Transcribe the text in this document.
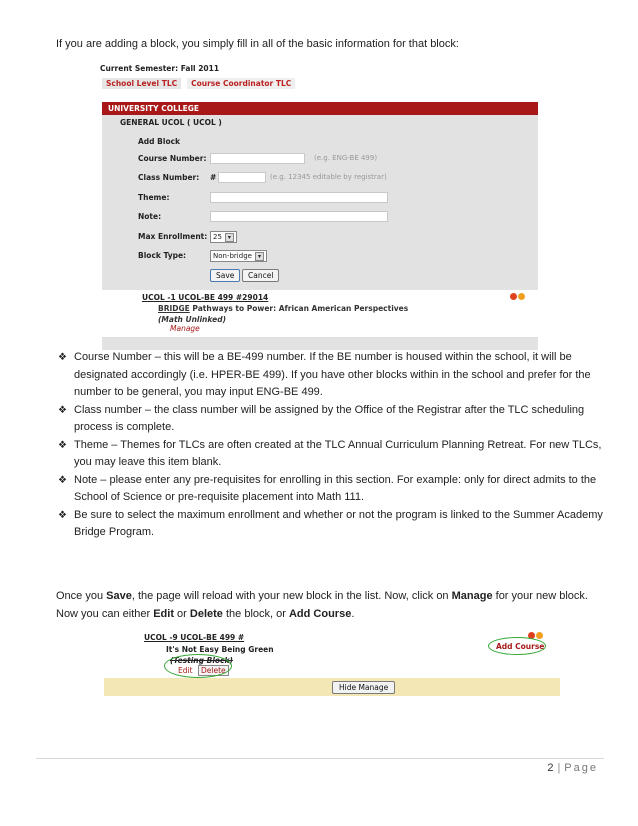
If you are adding a block, you simply fill in all of the basic information for that block:
Current Semester: Fall 2011
School Level TLC	Course Coordinator TLC
UNIVERSITY COLLEGE
GENERAL UCOL ( UCOL )
Add Block
Course Number:	(e.g. ENG-BE 499)
Class Number: #	(e.g. 12345 editable by registrar)
Theme:
Note:
Max Enrollment: 25 ▾
Block Type:	Non-bridge ▾
Save	Cancel
UCOL -1 UCOL-BE 499 #29014
BRIDGE Pathways to Power: African American Perspectives
(Math Unlinked)
Manage
❖ Course Number – this will be a BE-499 number. If the BE number is housed within the school, it will be designated accordingly (i.e. HPER-BE 499). If you have other blocks within in the school and prefer for the number to be general, you may input ENG-BE 499.
❖ Class number – the class number will be assigned by the Office of the Registrar after the TLC scheduling process is complete.
❖ Theme – Themes for TLCs are often created at the TLC Annual Curriculum Planning Retreat. For new TLCs, you may leave this item blank.
❖ Note – please enter any pre-requisites for enrolling in this section. For example: only for direct admits to the School of Science or pre-requisite placement into Math 111.
❖ Be sure to select the maximum enrollment and whether or not the program is linked to the Summer Academy Bridge Program.
Once you Save, the page will reload with your new block in the list. Now, click on Manage for your new block. Now you can either Edit or Delete the block, or Add Course.
UCOL -9 UCOL-BE 499 #
It's Not Easy Being Green
(Testing Block)
Edit	Delete
Add Course
Hide Manage
2 | Page
